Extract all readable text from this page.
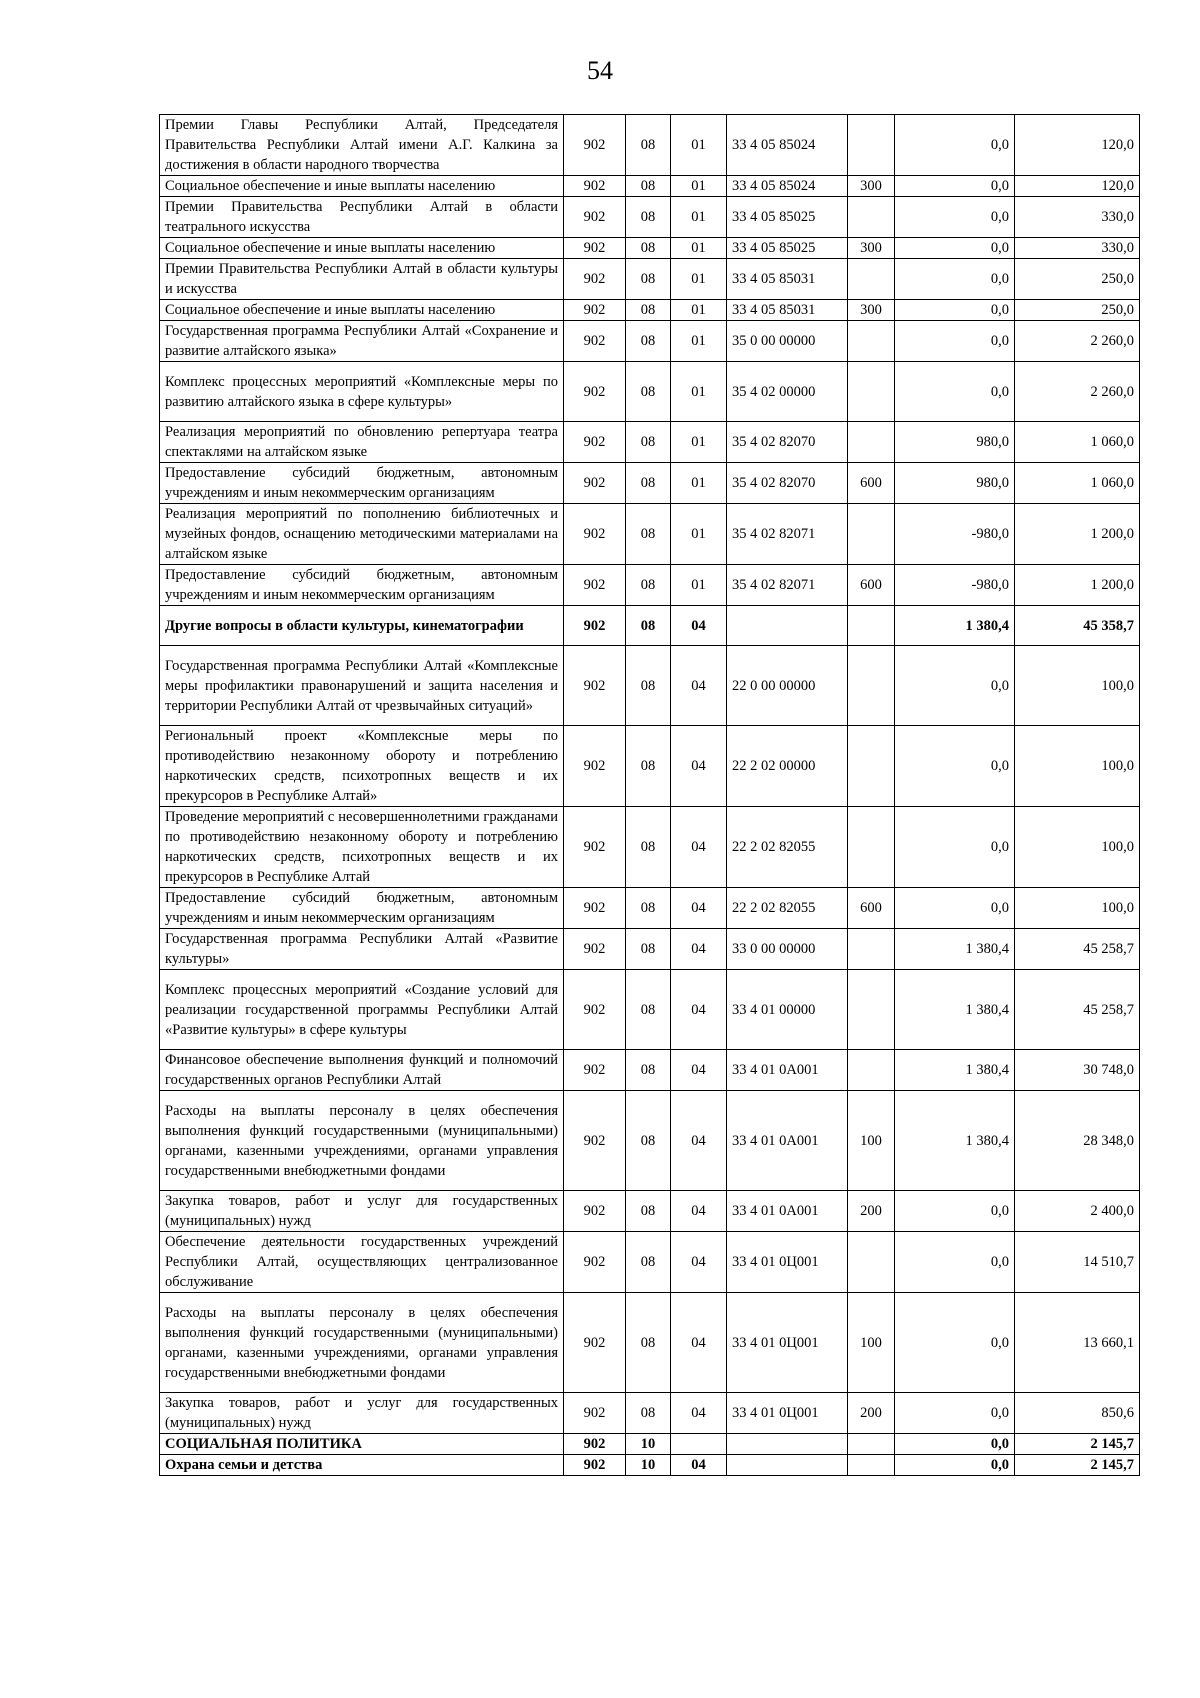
54
Премии Главы Республики Алтай, Председателя Правительства Республики Алтай имени А.Г. Калкина за достижения в области народного творчества	902	08	01	33 4 05 85024		0,0	120,0
Социальное обеспечение и иные выплаты населению	902	08	01	33 4 05 85024	300	0,0	120,0
Премии Правительства Республики Алтай в области театрального искусства	902	08	01	33 4 05 85025		0,0	330,0
Социальное обеспечение и иные выплаты населению	902	08	01	33 4 05 85025	300	0,0	330,0
Премии Правительства Республики Алтай в области культуры и искусства	902	08	01	33 4 05 85031		0,0	250,0
Социальное обеспечение и иные выплаты населению	902	08	01	33 4 05 85031	300	0,0	250,0
Государственная программа Республики Алтай «Сохранение и развитие алтайского языка»	902	08	01	35 0 00 00000		0,0	2 260,0
Комплекс процессных мероприятий «Комплексные меры по развитию алтайского языка в сфере культуры»	902	08	01	35 4 02 00000		0,0	2 260,0
Реализация мероприятий по обновлению репертуара театра спектаклями на алтайском языке	902	08	01	35 4 02 82070		980,0	1 060,0
Предоставление субсидий бюджетным, автономным учреждениям и иным некоммерческим организациям	902	08	01	35 4 02 82070	600	980,0	1 060,0
Реализация мероприятий по пополнению библиотечных и музейных фондов, оснащению методическими материалами на алтайском языке	902	08	01	35 4 02 82071		-980,0	1 200,0
Предоставление субсидий бюджетным, автономным учреждениям и иным некоммерческим организациям	902	08	01	35 4 02 82071	600	-980,0	1 200,0
Другие вопросы в области культуры, кинематографии	902	08	04			1 380,4	45 358,7
Государственная программа Республики Алтай «Комплексные меры профилактики правонарушений и защита населения и территории Республики Алтай от чрезвычайных ситуаций»	902	08	04	22 0 00 00000		0,0	100,0
Региональный проект «Комплексные меры по противодействию незаконному обороту и потреблению наркотических средств, психотропных веществ и их прекурсоров в Республике Алтай»	902	08	04	22 2 02 00000		0,0	100,0
Проведение мероприятий с несовершеннолетними гражданами по противодействию незаконному обороту и потреблению наркотических средств, психотропных веществ и их прекурсоров в Республике Алтай	902	08	04	22 2 02 82055		0,0	100,0
Предоставление субсидий бюджетным, автономным учреждениям и иным некоммерческим организациям	902	08	04	22 2 02 82055	600	0,0	100,0
Государственная программа Республики Алтай «Развитие культуры»	902	08	04	33 0 00 00000		1 380,4	45 258,7
Комплекс процессных мероприятий «Создание условий для реализации государственной программы Республики Алтай «Развитие культуры» в сфере культуры	902	08	04	33 4 01 00000		1 380,4	45 258,7
Финансовое обеспечение выполнения функций и полномочий государственных органов Республики Алтай	902	08	04	33 4 01 0А001		1 380,4	30 748,0
Расходы на выплаты персоналу в целях обеспечения выполнения функций государственными (муниципальными) органами, казенными учреждениями, органами управления государственными внебюджетными фондами	902	08	04	33 4 01 0А001	100	1 380,4	28 348,0
Закупка товаров, работ и услуг для государственных (муниципальных) нужд	902	08	04	33 4 01 0А001	200	0,0	2 400,0
Обеспечение деятельности государственных учреждений Республики Алтай, осуществляющих централизованное обслуживание	902	08	04	33 4 01 0Ц001		0,0	14 510,7
Расходы на выплаты персоналу в целях обеспечения выполнения функций государственными (муниципальными) органами, казенными учреждениями, органами управления государственными внебюджетными фондами	902	08	04	33 4 01 0Ц001	100	0,0	13 660,1
Закупка товаров, работ и услуг для государственных (муниципальных) нужд	902	08	04	33 4 01 0Ц001	200	0,0	850,6
СОЦИАЛЬНАЯ ПОЛИТИКА	902	10				0,0	2 145,7
Охрана семьи и детства	902	10	04			0,0	2 145,7
